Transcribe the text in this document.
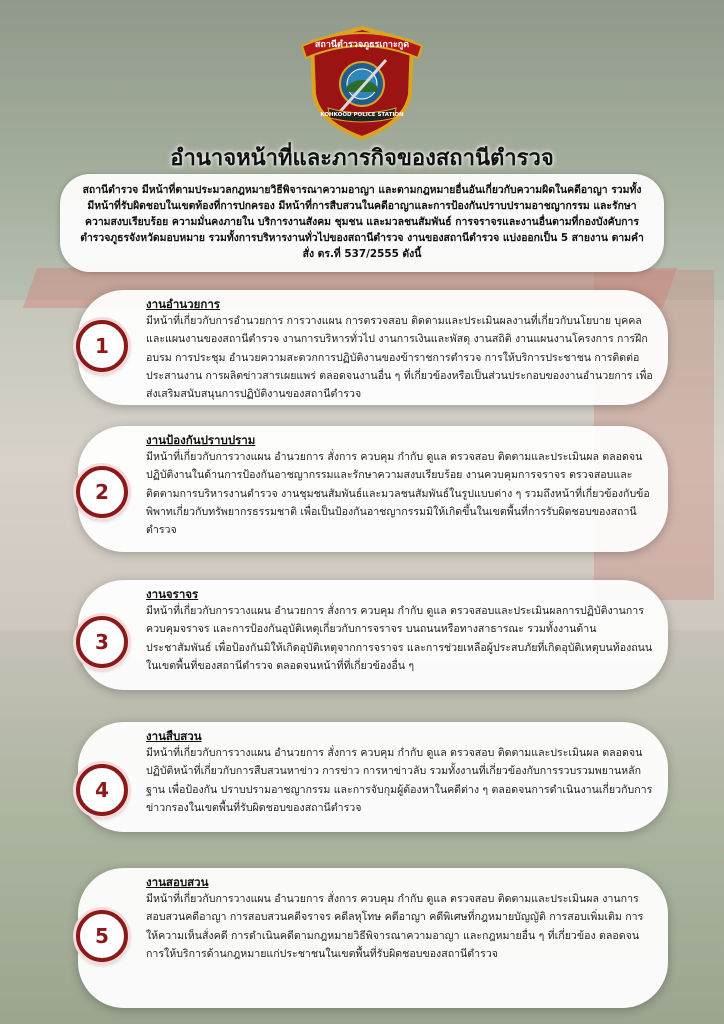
สถานีตำรวจภูธรเกาะกูด
KOHKOOD POLICE STATION
อำนาจหน้าที่และภารกิจของสถานีตำรวจ

สถานีตำรวจ มีหน้าที่ตามประมวลกฎหมายวิธีพิจารณาความอาญา และตามกฎหมายอื่นอันเกี่ยวกับความผิดในคดีอาญา รวมทั้งมีหน้าที่รับผิดชอบในเขตท้องที่การปกครอง มีหน้าที่การสืบสวนในคดีอาญาและการป้องกันปราบปรามอาชญากรรม และรักษาความสงบเรียบร้อย ความมั่นคงภายใน บริการงานสังคม ชุมชน และมวลชนสัมพันธ์ การจราจรและงานอื่นตามที่กองบังคับการตำรวจภูธรจังหวัดมอบหมาย รวมทั้งการบริหารงานทั่วไปของสถานีตำรวจ งานของสถานีตำรวจ แบ่งออกเป็น 5 สายงาน ตามคำสั่ง ตร.ที่ 537/2555 ดังนี้

งานอำนวยการ

มีหน้าที่เกี่ยวกับการอำนวยการ การวางแผน การตรวจสอบ ติดตามและประเมินผลงานที่เกี่ยวกับนโยบาย บุคคล และแผนงานของสถานีตำรวจ งานการบริหารทั่วไป งานการเงินและพัสดุ งานสถิติ งานแผนงานโครงการ การฝึกอบรม การประชุม อำนวยความสะดวกการปฏิบัติงานของข้าราชการตำรวจ การให้บริการประชาชน การติดต่อประสานงาน การผลิตข่าวสารเผยแพร่ ตลอดจนงานอื่น ๆ ที่เกี่ยวข้องหรือเป็นส่วนประกอบของงานอำนวยการ เพื่อส่งเสริมสนับสนุนการปฏิบัติงานของสถานีตำรวจ

1
งานป้องกันปราบปราม

มีหน้าที่เกี่ยวกับการวางแผน อำนวยการ สั่งการ ควบคุม กำกับ ดูแล ตรวจสอบ ติดตามและประเมินผล ตลอดจนปฏิบัติงานในด้านการป้องกันอาชญากรรมและรักษาความสงบเรียบร้อย งานควบคุมการจราจร ตรวจสอบและติดตามการบริหารงานตำรวจ งานชุมชนสัมพันธ์และมวลชนสัมพันธ์ในรูปแบบต่าง ๆ รวมถึงหน้าที่เกี่ยวข้องกับข้อพิพาทเกี่ยวกับทรัพยากรธรรมชาติ เพื่อเป็นป้องกันอาชญากรรมมิให้เกิดขึ้นในเขตพื้นที่การรับผิดชอบของสถานีตำรวจ

2
งานจราจร

มีหน้าที่เกี่ยวกับการวางแผน อำนวยการ สั่งการ ควบคุม กำกับ ดูแล ตรวจสอบและประเมินผลการปฏิบัติงานการควบคุมจราจร และการป้องกันอุบัติเหตุเกี่ยวกับการจราจร บนถนนหรือทางสาธารณะ รวมทั้งงานด้านประชาสัมพันธ์ เพื่อป้องกันมิให้เกิดอุบัติเหตุจากการจราจร และการช่วยเหลือผู้ประสบภัยที่เกิดอุบัติเหตุบนท้องถนนในเขตพื้นที่ของสถานีตำรวจ ตลอดจนหน้าที่ที่เกี่ยวข้องอื่น ๆ

3
งานสืบสวน

มีหน้าที่เกี่ยวกับการวางแผน อำนวยการ สั่งการ ควบคุม กำกับ ดูแล ตรวจสอบ ติดตามและประเมินผล ตลอดจนปฏิบัติหน้าที่เกี่ยวกับการสืบสวนหาข่าว การข่าว การหาข่าวลับ รวมทั้งงานที่เกี่ยวข้องกับการรวบรวมพยานหลักฐาน เพื่อป้องกัน ปราบปรามอาชญากรรม และการจับกุมผู้ต้องหาในคดีต่าง ๆ ตลอดจนการดำเนินงานเกี่ยวกับการข่าวกรองในเขตพื้นที่รับผิดชอบของสถานีตำรวจ

4
งานสอบสวน

มีหน้าที่เกี่ยวกับการวางแผน อำนวยการ สั่งการ ควบคุม กำกับ ดูแล ตรวจสอบ ติดตามและประเมินผล งานการสอบสวนคดีอาญา การสอบสวนคดีจราจร คดีลหุโทษ คดีอาญา คดีพิเศษที่กฎหมายบัญญัติ การสอบเพิ่มเติม การให้ความเห็นสั่งคดี การดำเนินคดีตามกฎหมายวิธีพิจารณาความอาญา และกฎหมายอื่น ๆ ที่เกี่ยวข้อง ตลอดจนการให้บริการด้านกฎหมายแก่ประชาชนในเขตพื้นที่รับผิดชอบของสถานีตำรวจ

5
